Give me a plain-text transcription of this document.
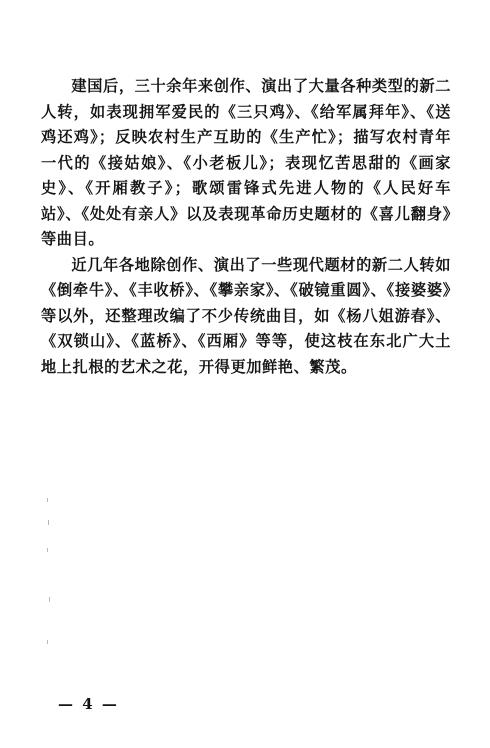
建国后，三十余年来创作、演出了大量各种类型的新二人转，如表现拥军爱民的《三只鸡》、《给军属拜年》、《送鸡还鸡》；反映农村生产互助的《生产忙》；描写农村青年一代的《接姑娘》、《小老板儿》；表现忆苦思甜的《画家史》、《开厢教子》；歌颂雷锋式先进人物的《人民好车站》、《处处有亲人》以及表现革命历史题材的《喜儿翻身》等曲目。

近几年各地除创作、演出了一些现代题材的新二人转如《倒牵牛》、《丰收桥》、《攀亲家》、《破镜重圆》、《接婆婆》等以外，还整理改编了不少传统曲目，如《杨八姐游春》、《双锁山》、《蓝桥》、《西厢》等等，使这枝在东北广大土地上扎根的艺术之花，开得更加鲜艳、繁茂。

— 4 —
